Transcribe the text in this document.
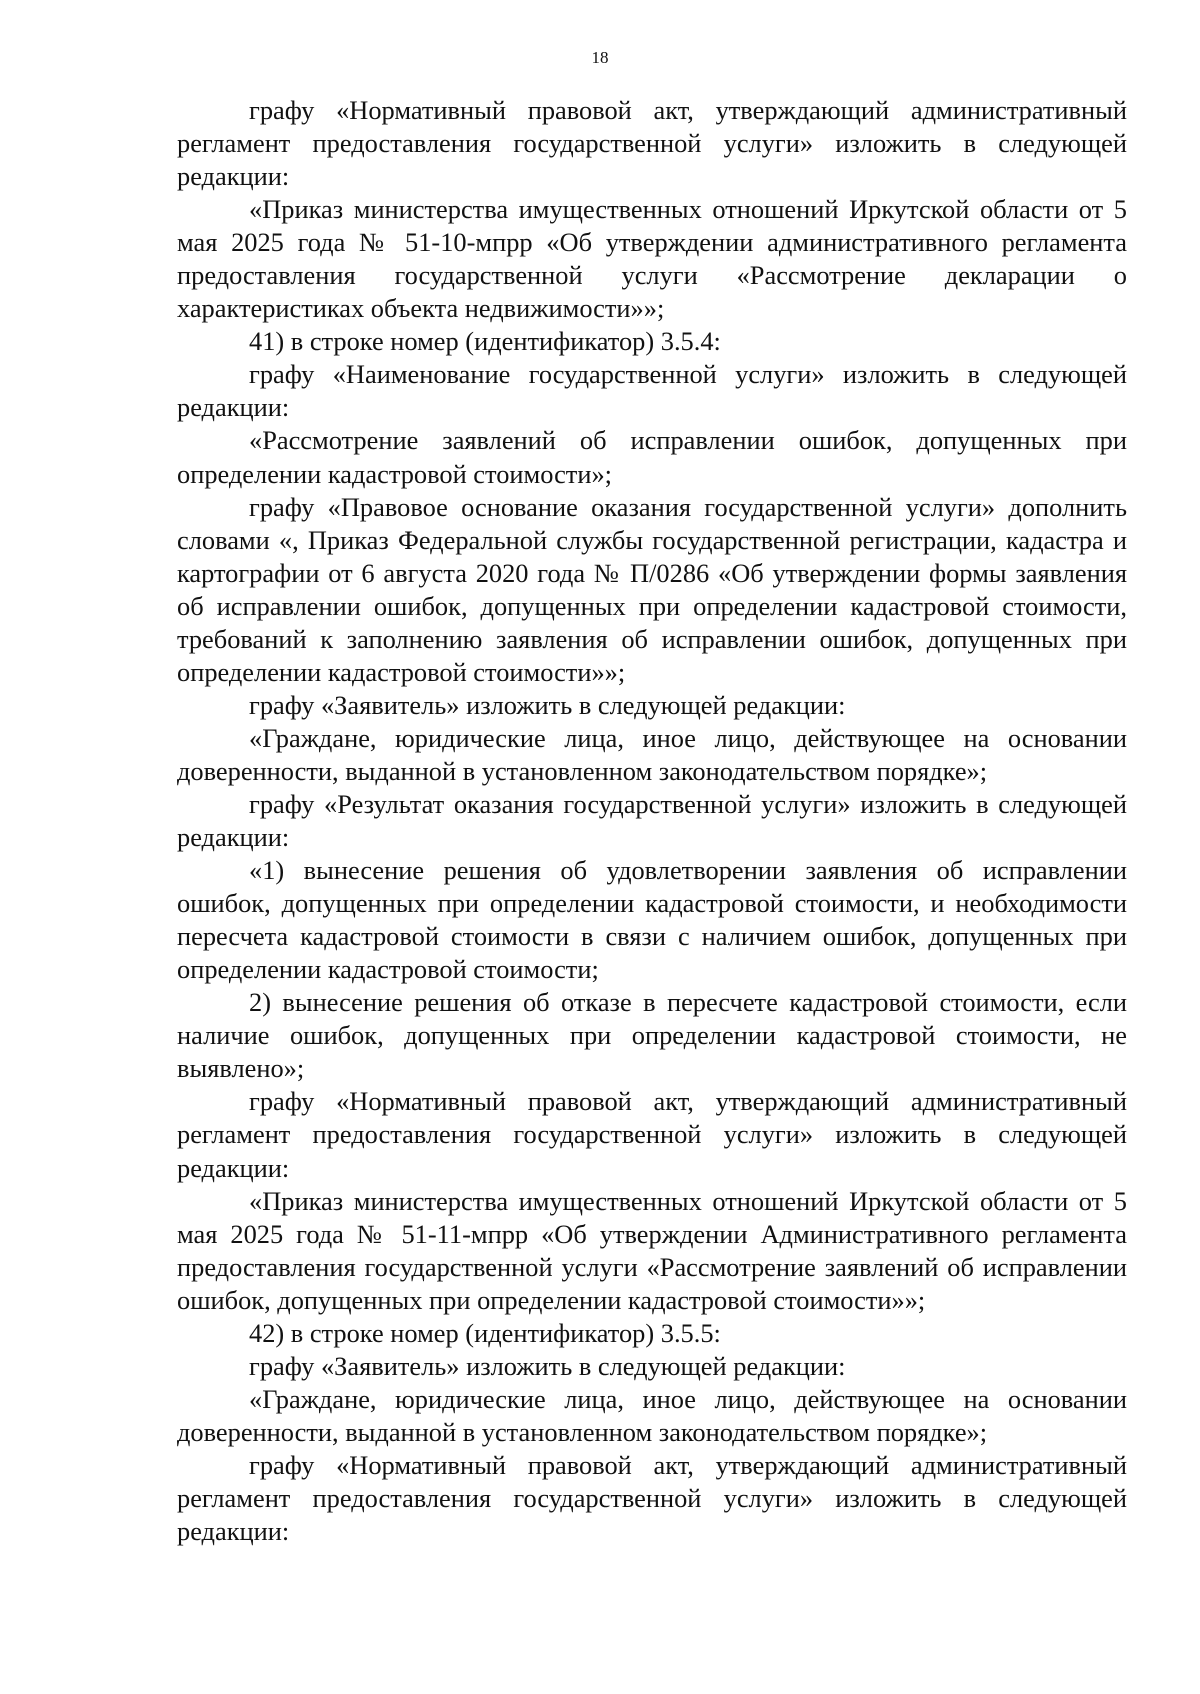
18

графу «Нормативный правовой акт, утверждающий административный регламент предоставления государственной услуги» изложить в следующей редакции:

«Приказ министерства имущественных отношений Иркутской области от 5 мая 2025 года № 51-10-мпрр «Об утверждении административного регламента предоставления государственной услуги «Рассмотрение декларации о характеристиках объекта недвижимости»»;

41) в строке номер (идентификатор) 3.5.4:

графу «Наименование государственной услуги» изложить в следующей редакции:

«Рассмотрение заявлений об исправлении ошибок, допущенных при определении кадастровой стоимости»;

графу «Правовое основание оказания государственной услуги» дополнить словами «, Приказ Федеральной службы государственной регистрации, кадастра и картографии от 6 августа 2020 года № П/0286 «Об утверждении формы заявления об исправлении ошибок, допущенных при определении кадастровой стоимости, требований к заполнению заявления об исправлении ошибок, допущенных при определении кадастровой стоимости»»;

графу «Заявитель» изложить в следующей редакции:

«Граждане, юридические лица, иное лицо, действующее на основании доверенности, выданной в установленном законодательством порядке»;

графу «Результат оказания государственной услуги» изложить в следующей редакции:

«1) вынесение решения об удовлетворении заявления об исправлении ошибок, допущенных при определении кадастровой стоимости, и необходимости пересчета кадастровой стоимости в связи с наличием ошибок, допущенных при определении кадастровой стоимости;

2) вынесение решения об отказе в пересчете кадастровой стоимости, если наличие ошибок, допущенных при определении кадастровой стоимости, не выявлено»;

графу «Нормативный правовой акт, утверждающий административный регламент предоставления государственной услуги» изложить в следующей редакции:

«Приказ министерства имущественных отношений Иркутской области от 5 мая 2025 года № 51-11-мпрр «Об утверждении Административного регламента предоставления государственной услуги «Рассмотрение заявлений об исправлении ошибок, допущенных при определении кадастровой стоимости»»;

42) в строке номер (идентификатор) 3.5.5:

графу «Заявитель» изложить в следующей редакции:

«Граждане, юридические лица, иное лицо, действующее на основании доверенности, выданной в установленном законодательством порядке»;

графу «Нормативный правовой акт, утверждающий административный регламент предоставления государственной услуги» изложить в следующей редакции:
